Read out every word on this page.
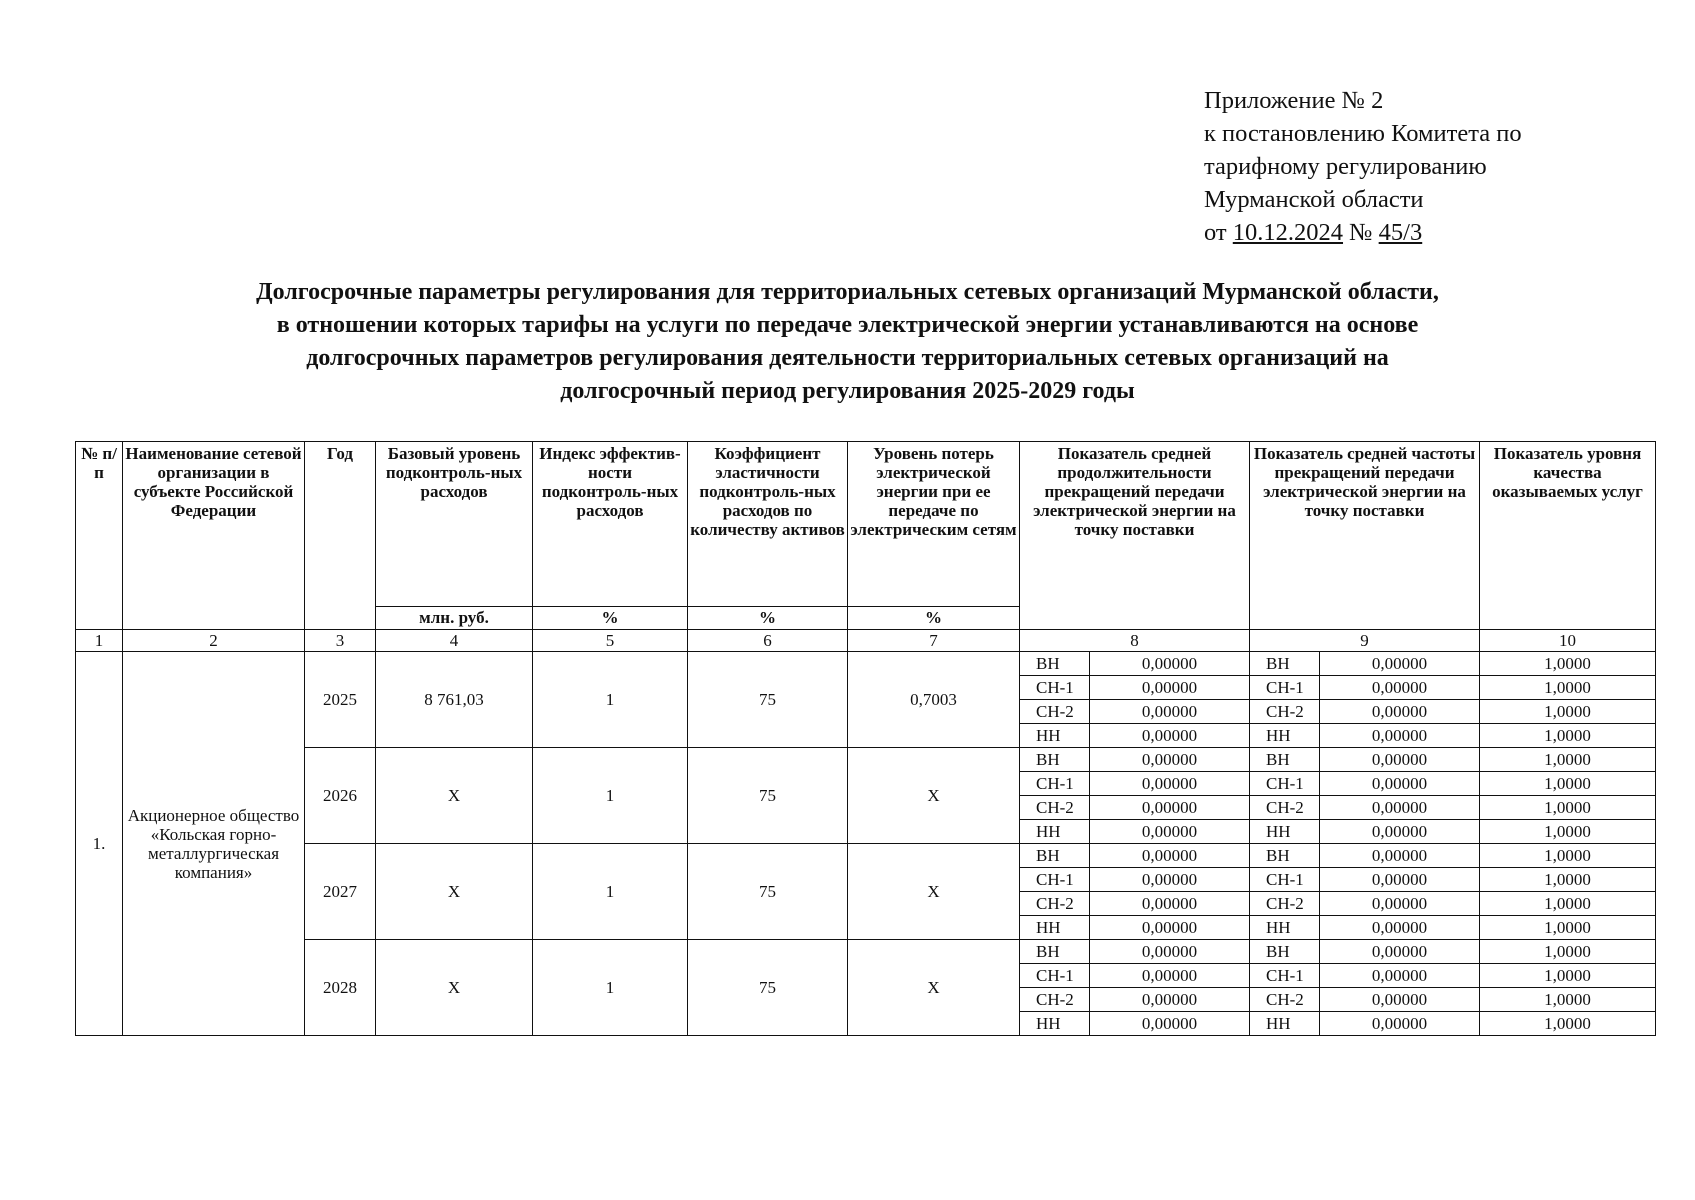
Приложение № 2
к постановлению Комитета по
тарифному регулированию
Мурманской области
от 10.12.2024 № 45/3
Долгосрочные параметры регулирования для территориальных сетевых организаций Мурманской области,
в отношении которых тарифы на услуги по передаче электрической энергии устанавливаются на основе
долгосрочных параметров регулирования деятельности территориальных сетевых организаций на
долгосрочный период регулирования 2025-2029 годы
№ п/ п	Наименование сетевой организации в субъекте Российской Федерации	Год	Базовый уровень подконтроль-ных расходов	Индекс эффектив-ности подконтроль-ных расходов	Коэффициент эластичности подконтроль-ных расходов по количеству активов	Уровень потерь электрической энергии при ее передаче по электрическим сетям	Показатель средней продолжительности прекращений передачи электрической энергии на точку поставки		Показатель средней частоты прекращений передачи электрической энергии на точку поставки		Показатель уровня качества оказываемых услуг
			млн. руб.	%	%	%					
1	2	3	4	5	6	7	8		9		10
1.	Акционерное общество «Кольская горно-металлургическая компания»	2025	8 761,03	1	75	0,7003	ВН	0,00000	ВН	0,00000	1,0000
							СН-1	0,00000	СН-1	0,00000	1,0000
							СН-2	0,00000	СН-2	0,00000	1,0000
							НН	0,00000	НН	0,00000	1,0000
		2026	Х	1	75	Х	ВН	0,00000	ВН	0,00000	1,0000
							СН-1	0,00000	СН-1	0,00000	1,0000
							СН-2	0,00000	СН-2	0,00000	1,0000
							НН	0,00000	НН	0,00000	1,0000
		2027	Х	1	75	Х	ВН	0,00000	ВН	0,00000	1,0000
							СН-1	0,00000	СН-1	0,00000	1,0000
							СН-2	0,00000	СН-2	0,00000	1,0000
							НН	0,00000	НН	0,00000	1,0000
		2028	Х	1	75	Х	ВН	0,00000	ВН	0,00000	1,0000
							СН-1	0,00000	СН-1	0,00000	1,0000
							СН-2	0,00000	СН-2	0,00000	1,0000
							НН	0,00000	НН	0,00000	1,0000
